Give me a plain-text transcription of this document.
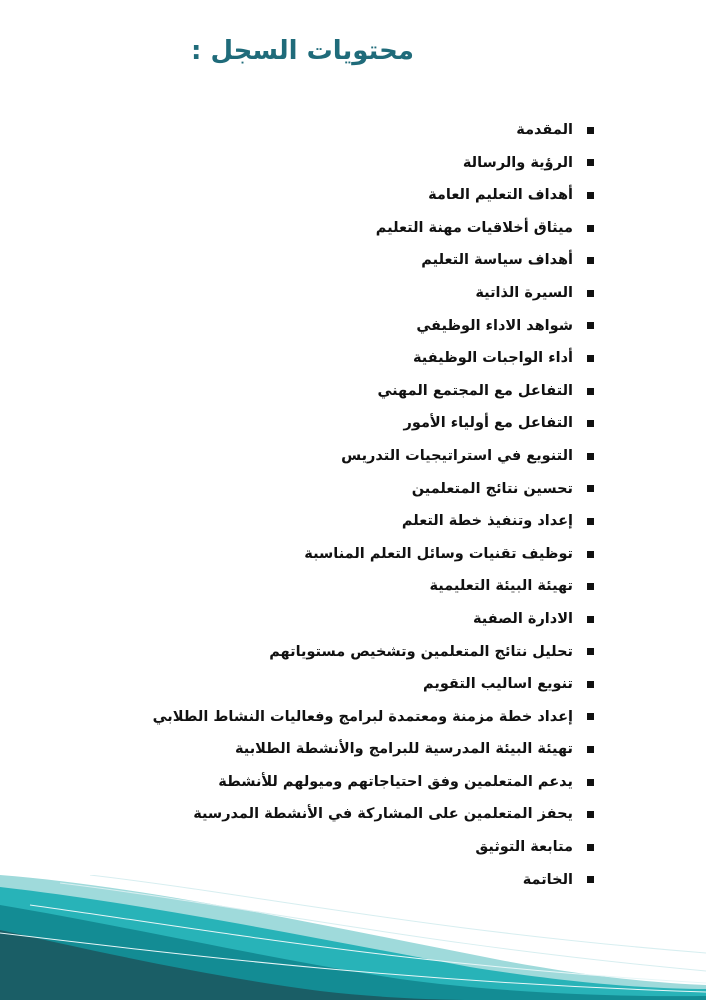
محتويات السجل :
المقدمة
الرؤية والرسالة
أهداف التعليم العامة
ميثاق أخلاقيات مهنة التعليم
أهداف سياسة التعليم
السيرة الذاتية
شواهد الاداء الوظيفي
أداء الواجبات الوظيفية
التفاعل مع المجتمع المهني
التفاعل مع أولياء الأمور
التنويع في استراتيجيات التدريس
تحسين نتائج المتعلمين
إعداد وتنفيذ خطة التعلم
توظيف تقنيات وسائل التعلم المناسبة
تهيئة البيئة التعليمية
الادارة الصفية
تحليل نتائج المتعلمين وتشخيص مستوياتهم
تنويع اساليب التقويم
إعداد خطة مزمنة ومعتمدة لبرامج وفعاليات النشاط الطلابي
تهيئة البيئة المدرسية للبرامج والأنشطة الطلابية
يدعم المتعلمين وفق احتياجاتهم وميولهم للأنشطة
يحفز المتعلمين على المشاركة في الأنشطة المدرسية
متابعة التوثيق
الخاتمة
